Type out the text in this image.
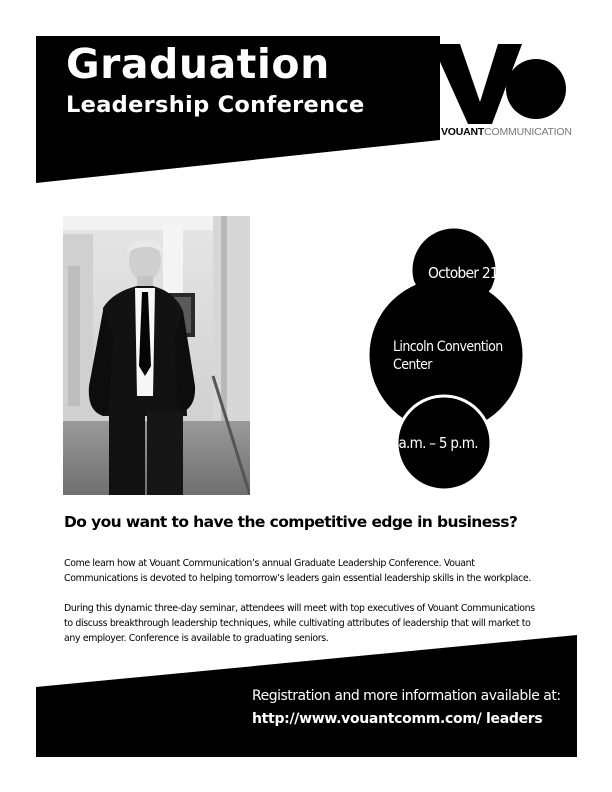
Graduation
Leadership Conference

VOUANTCOMMUNICATION

October 21

Lincoln Convention Center

8 a.m. – 5 p.m.

Do you want to have the competitive edge in business?

Come learn how at Vouant Communication’s annual Graduate Leadership Conference. Vouant Communications is devoted to helping tomorrow’s leaders gain essential leadership skills in the workplace.

During this dynamic three-day seminar, attendees will meet with top executives of Vouant Communications to discuss breakthrough leadership techniques, while cultivating attributes of leadership that will market to any employer. Conference is available to graduating seniors.

Registration and more information available at:

http://www.vouantcomm.com/ leaders
